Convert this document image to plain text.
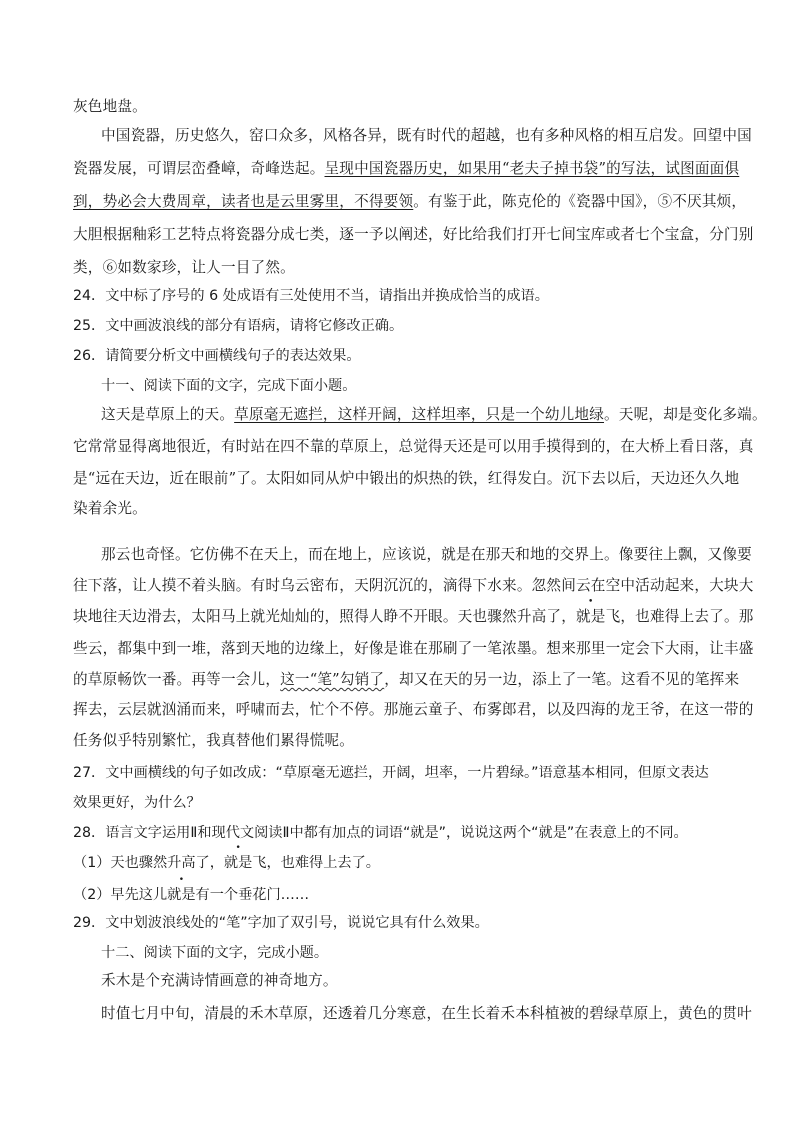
灰色地盘。
中国瓷器，历史悠久，窑口众多，风格各异，既有时代的超越，也有多种风格的相互启发。回望中国
瓷器发展，可谓层峦叠嶂，奇峰迭起。呈现中国瓷器历史，如果用“老夫子掉书袋”的写法，试图面面俱
到，势必会大费周章，读者也是云里雾里，不得要领。有鉴于此，陈克伦的《瓷器中国》，⑤不厌其烦，
大胆根据釉彩工艺特点将瓷器分成七类，逐一予以阐述，好比给我们打开七间宝库或者七个宝盒，分门别
类，⑥如数家珍，让人一目了然。
24．文中标了序号的 6 处成语有三处使用不当，请指出并换成恰当的成语。
25．文中画波浪线的部分有语病，请将它修改正确。
26．请简要分析文中画横线句子的表达效果。
十一、阅读下面的文字，完成下面小题。
这天是草原上的天。草原毫无遮拦，这样开阔，这样坦率，只是一个幼儿地绿。天呢，却是变化多端。
它常常显得离地很近，有时站在四不靠的草原上，总觉得天还是可以用手摸得到的，在大桥上看日落，真
是“远在天边，近在眼前”了。太阳如同从炉中锻出的炽热的铁，红得发白。沉下去以后，天边还久久地
染着余光。
那云也奇怪。它仿佛不在天上，而在地上，应该说，就是在那天和地的交界上。像要往上飘，又像要
往下落，让人摸不着头脑。有时乌云密布，天阴沉沉的，滴得下水来。忽然间云在空中活动起来，大块大
块地往天边滑去，太阳马上就光灿灿的，照得人睁不开眼。天也骤然升高了，就是飞，也难得上去了。那
些云，都集中到一堆，落到天地的边缘上，好像是谁在那刷了一笔浓墨。想来那里一定会下大雨，让丰盛
的草原畅饮一番。再等一会儿，这一“笔”勾销了，却又在天的另一边，添上了一笔。这看不见的笔挥来
挥去，云层就汹涌而来，呼啸而去，忙个不停。那施云童子、布雾郎君，以及四海的龙王爷，在这一带的
任务似乎特别繁忙，我真替他们累得慌呢。
27．文中画横线的句子如改成：“草原毫无遮拦，开阔，坦率，一片碧绿。”语意基本相同，但原文表达
效果更好，为什么？
28．语言文字运用Ⅱ和现代文阅读Ⅱ中都有加点的词语“就是”，说说这两个“就是”在表意上的不同。
（1）天也骤然升高了，就是飞，也难得上去了。
（2）早先这儿就是有一个垂花门……
29．文中划波浪线处的“笔”字加了双引号，说说它具有什么效果。
十二、阅读下面的文字，完成小题。
禾木是个充满诗情画意的神奇地方。
时值七月中旬，清晨的禾木草原，还透着几分寒意，在生长着禾本科植被的碧绿草原上，黄色的贯叶
